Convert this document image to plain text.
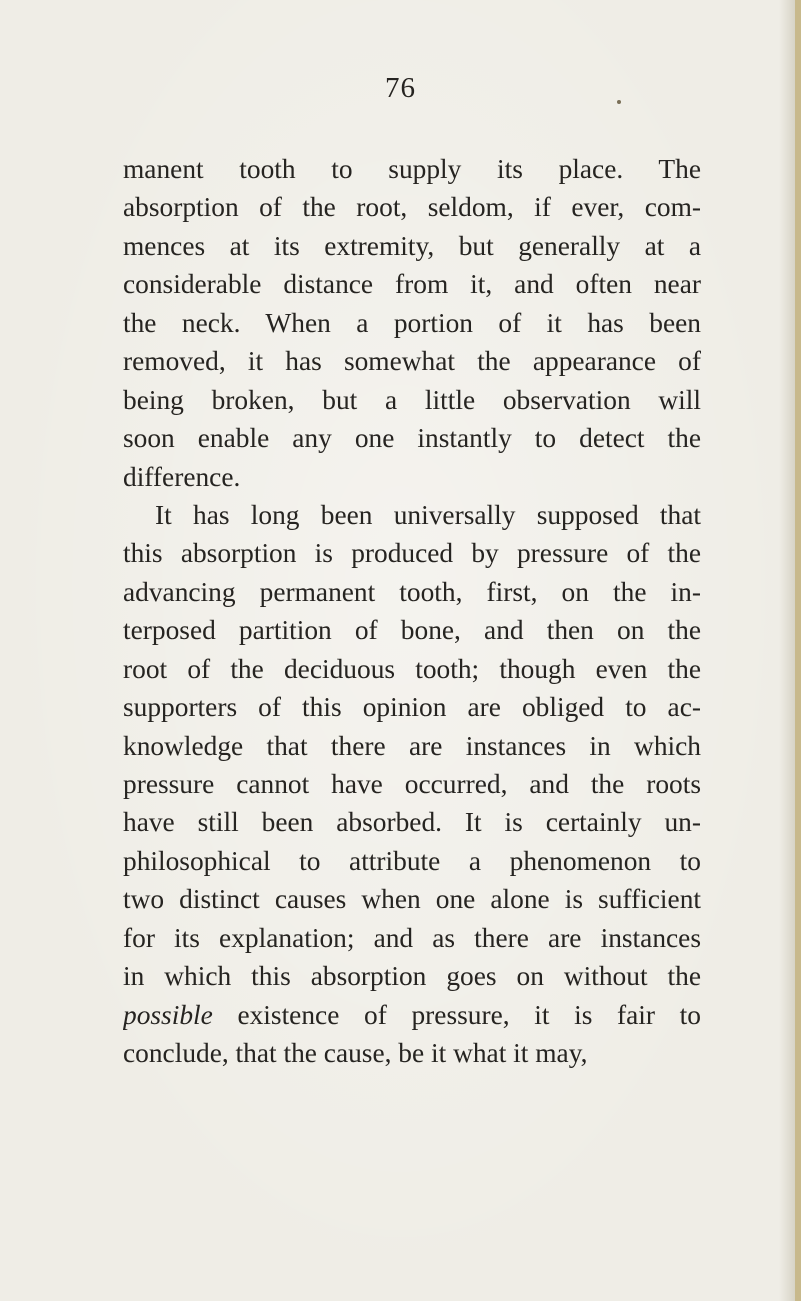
76
manent tooth to supply its place. The
absorption of the root, seldom, if ever, com-
mences at its extremity, but generally at a
considerable distance from it, and often near
the neck. When a portion of it has been
removed, it has somewhat the appearance of
being broken, but a little observation will
soon enable any one instantly to detect the
difference.
It has long been universally supposed that
this absorption is produced by pressure of the
advancing permanent tooth, first, on the in-
terposed partition of bone, and then on the
root of the deciduous tooth; though even the
supporters of this opinion are obliged to ac-
knowledge that there are instances in which
pressure cannot have occurred, and the roots
have still been absorbed. It is certainly un-
philosophical to attribute a phenomenon to
two distinct causes when one alone is sufficient
for its explanation; and as there are instances
in which this absorption goes on without the
possible existence of pressure, it is fair to
conclude, that the cause, be it what it may,
